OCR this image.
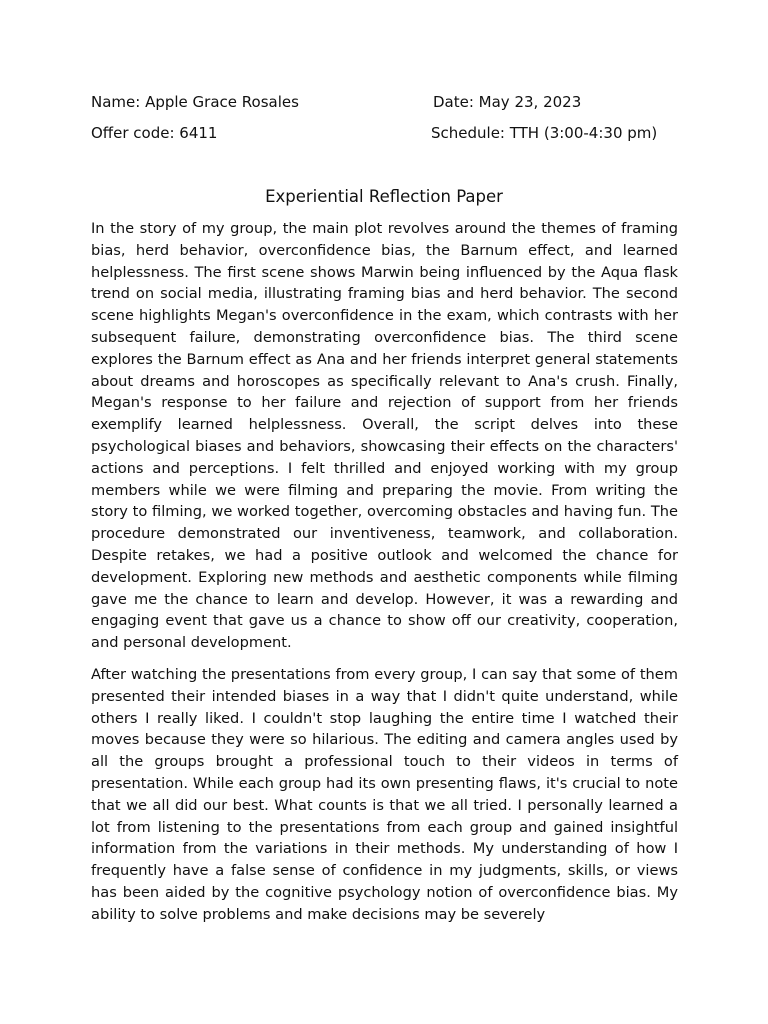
Name: Apple Grace Rosales	Date: May 23, 2023
Offer code: 6411	Schedule: TTH (3:00-4:30 pm)
Experiential Reflection Paper

In the story of my group, the main plot revolves around the themes of framing bias, herd behavior, overconfidence bias, the Barnum effect, and learned helplessness. The first scene shows Marwin being influenced by the Aqua flask trend on social media, illustrating framing bias and herd behavior. The second scene highlights Megan's overconfidence in the exam, which contrasts with her subsequent failure, demonstrating overconfidence bias. The third scene explores the Barnum effect as Ana and her friends interpret general statements about dreams and horoscopes as specifically relevant to Ana's crush. Finally, Megan's response to her failure and rejection of support from her friends exemplify learned helplessness. Overall, the script delves into these psychological biases and behaviors, showcasing their effects on the characters' actions and perceptions. I felt thrilled and enjoyed working with my group members while we were filming and preparing the movie. From writing the story to filming, we worked together, overcoming obstacles and having fun. The procedure demonstrated our inventiveness, teamwork, and collaboration. Despite retakes, we had a positive outlook and welcomed the chance for development. Exploring new methods and aesthetic components while filming gave me the chance to learn and develop. However, it was a rewarding and engaging event that gave us a chance to show off our creativity, cooperation, and personal development.

After watching the presentations from every group, I can say that some of them presented their intended biases in a way that I didn't quite understand, while others I really liked. I couldn't stop laughing the entire time I watched their moves because they were so hilarious. The editing and camera angles used by all the groups brought a professional touch to their videos in terms of presentation. While each group had its own presenting flaws, it's crucial to note that we all did our best. What counts is that we all tried. I personally learned a lot from listening to the presentations from each group and gained insightful information from the variations in their methods. My understanding of how I frequently have a false sense of confidence in my judgments, skills, or views has been aided by the cognitive psychology notion of overconfidence bias. My ability to solve problems and make decisions may be severely
